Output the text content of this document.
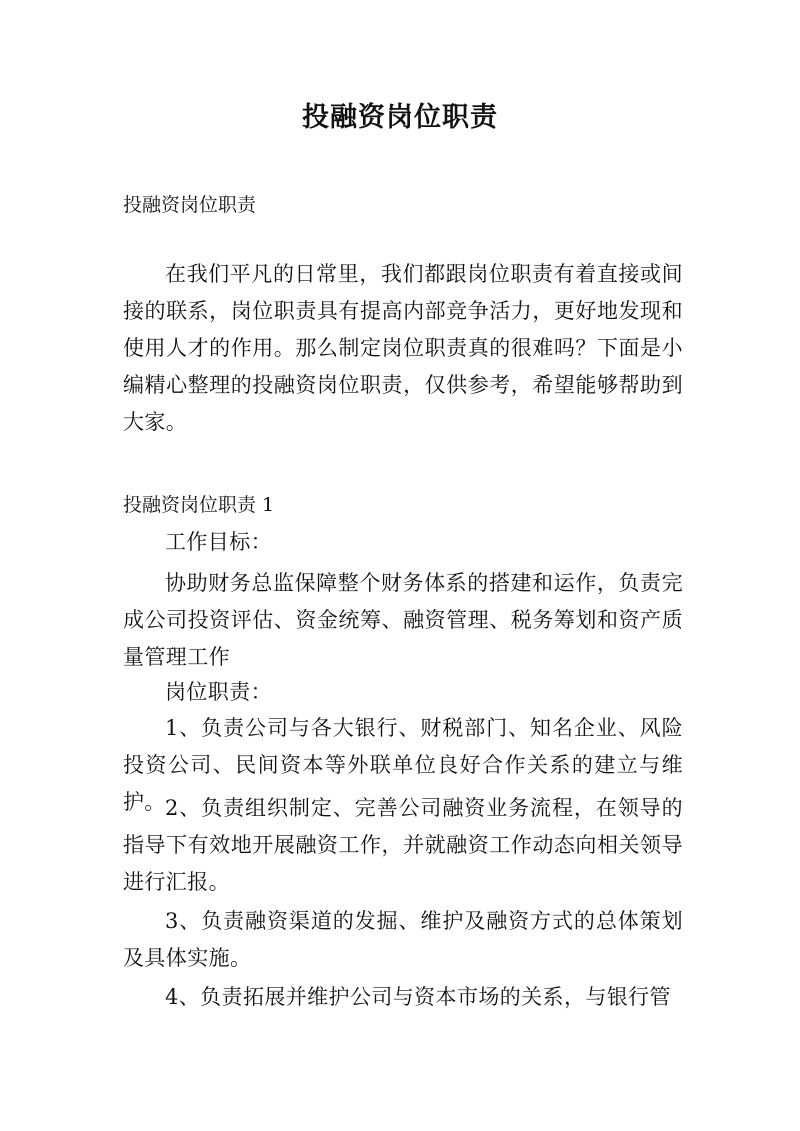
投融资岗位职责
投融资岗位职责
在我们平凡的日常里，我们都跟岗位职责有着直接或间接的联系，岗位职责具有提高内部竞争活力，更好地发现和使用人才的作用。那么制定岗位职责真的很难吗？下面是小编精心整理的投融资岗位职责，仅供参考，希望能够帮助到大家。
投融资岗位职责 1
工作目标：
协助财务总监保障整个财务体系的搭建和运作，负责完成公司投资评估、资金统筹、融资管理、税务筹划和资产质量管理工作
岗位职责：
1、负责公司与各大银行、财税部门、知名企业、风险投资公司、民间资本等外联单位良好合作关系的建立与维护。 2、负责组织制定、完善公司融资业务流程，在领导的指导下有效地开展融资工作，并就融资工作动态向相关领导进行汇报。
3、负责融资渠道的发掘、维护及融资方式的总体策划及具体实施。
4、负责拓展并维护公司与资本市场的关系，与银行管
